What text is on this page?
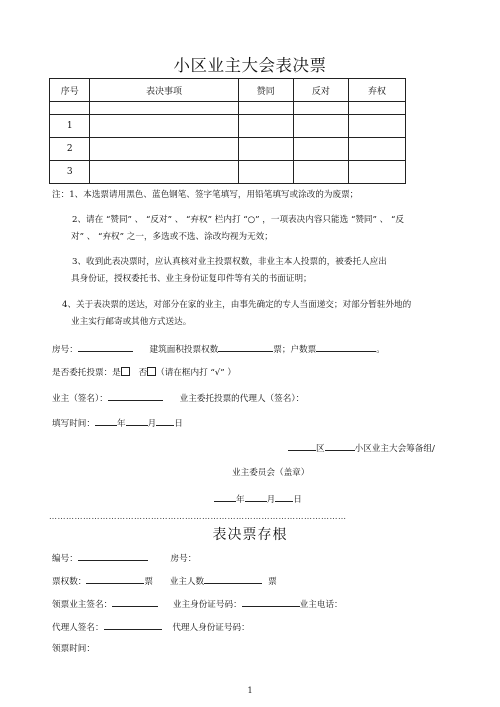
小区业主大会表决票
序号	表决事项	赞同	反对	弃权

1				
2				
3				
注：1、本选票请用黑色、蓝色钢笔、签字笔填写，用铅笔填写或涂改的为废票；
2、请在 “赞同” 、 “反对” 、 “弃权” 栏内打 “○” ，一项表决内容只能选 “赞同” 、 “反
对” 、 “弃权” 之一，多选或不选、涂改均视为无效；
3、收到此表决票时，应认真核对业主投票权数，非业主本人投票的，被委托人应出
具身份证，授权委托书、业主身份证复印件等有关的书面证明；
4、关于表决票的送达，对部分在家的业主，由事先确定的专人当面递交；对部分暂驻外地的
业主实行邮寄或其他方式送达。
房号：	建筑面积投票权数	票；户数票	。
是否委托投票：是 否 （请在框内打 “√” ）
业主（签名）：	业主委托投票的代理人（签名）：
填写时间：	年	月 日
区	小区业主大会筹备组/
业主委员会（盖章）
年	月 日
……………………………………………………………………………………………
表决票存根
编号：	房号：
票权数：	票 业主人数	票
领票业主签名：	业主身份证号码：	业主电话：
代理人签名：	代理人身份证号码：
领票时间：
1
